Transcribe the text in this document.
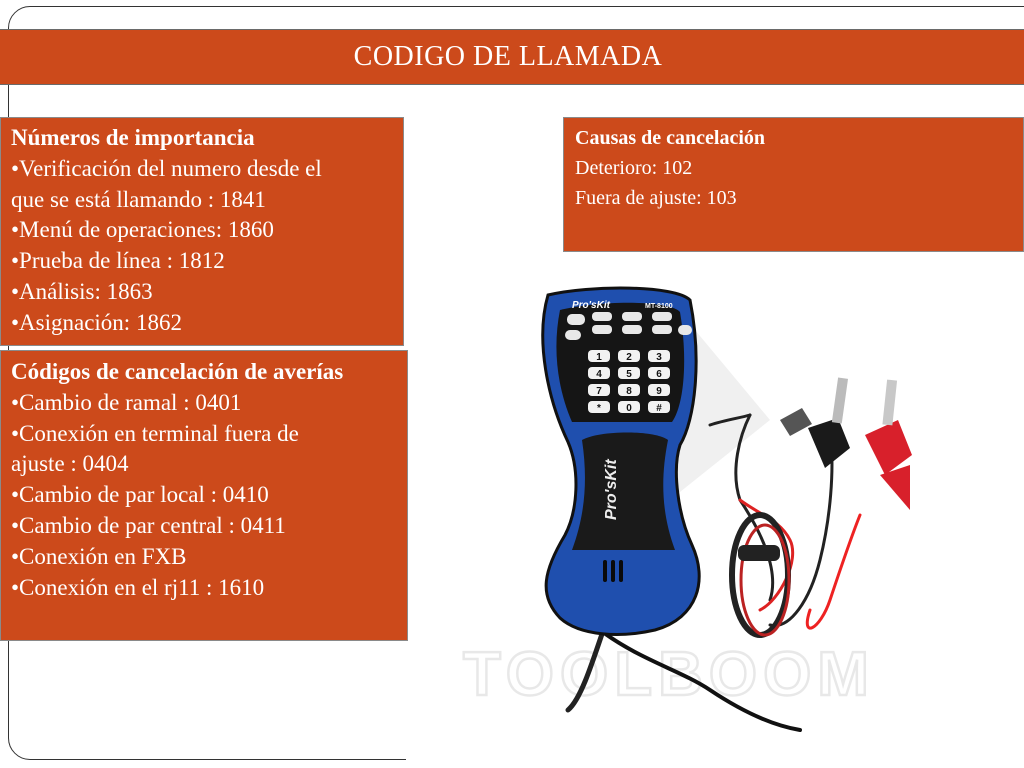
CODIGO DE LLAMADA
Números de importancia
•Verificación del numero desde el
que se está llamando : 1841
•Menú de operaciones: 1860
•Prueba de línea : 1812
•Análisis: 1863
•Asignación: 1862
Códigos de cancelación de averías
•Cambio de ramal : 0401
•Conexión en terminal fuera de
ajuste : 0404
•Cambio de par local : 0410
•Cambio de par central : 0411
•Conexión en FXB
•Conexión en el rj11 : 1610
Causas de cancelación
Deterioro: 102
Fuera de ajuste: 103
TOOLBOOM
Pro'sKit	MT-8100
Pro'sKit
1 2 3
4 5 6
7 8 9
*	0 #
